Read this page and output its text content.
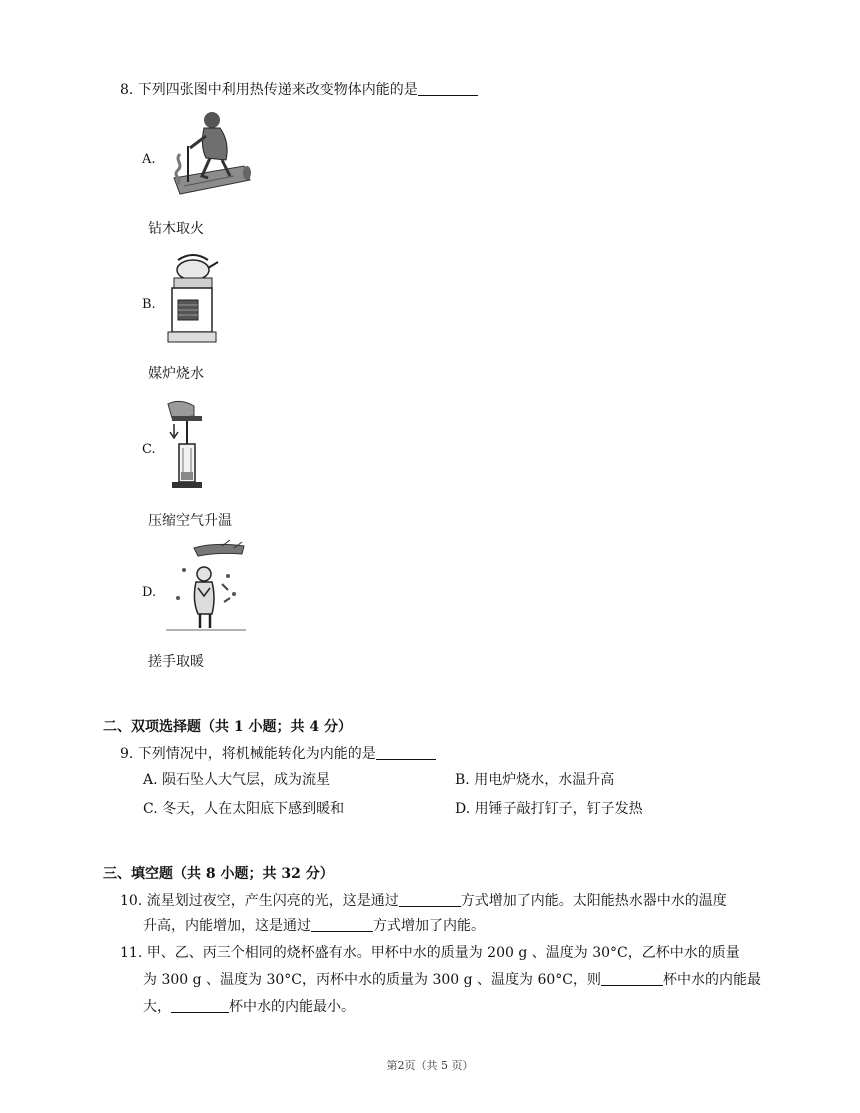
8. 下列四张图中利用热传递来改变物体内能的是
A.
钻木取火
B.
媒炉烧水
C.
压缩空气升温
D.
搓手取暖
二、双项选择题（共 1 小题；共 4 分）
9. 下列情况中，将机械能转化为内能的是
A. 陨石坠人大气层，成为流星	B. 用电炉烧水，水温升高
C. 冬天，人在太阳底下感到暖和	D. 用锤子敲打钉子，钉子发热
三、填空题（共 8 小题；共 32 分）
10. 流星划过夜空，产生闪亮的光，这是通过	方式增加了内能。太阳能热水器中水的温度
升高，内能增加，这是通过	方式增加了内能。
11. 甲、乙、丙三个相同的烧杯盛有水。甲杯中水的质量为 200 g 、温度为 30°C，乙杯中水的质量
为 300 g 、温度为 30°C，丙杯中水的质量为 300 g 、温度为 60°C，则	杯中水的内能最
大，	杯中水的内能最小。
第2页（共 5 页）
